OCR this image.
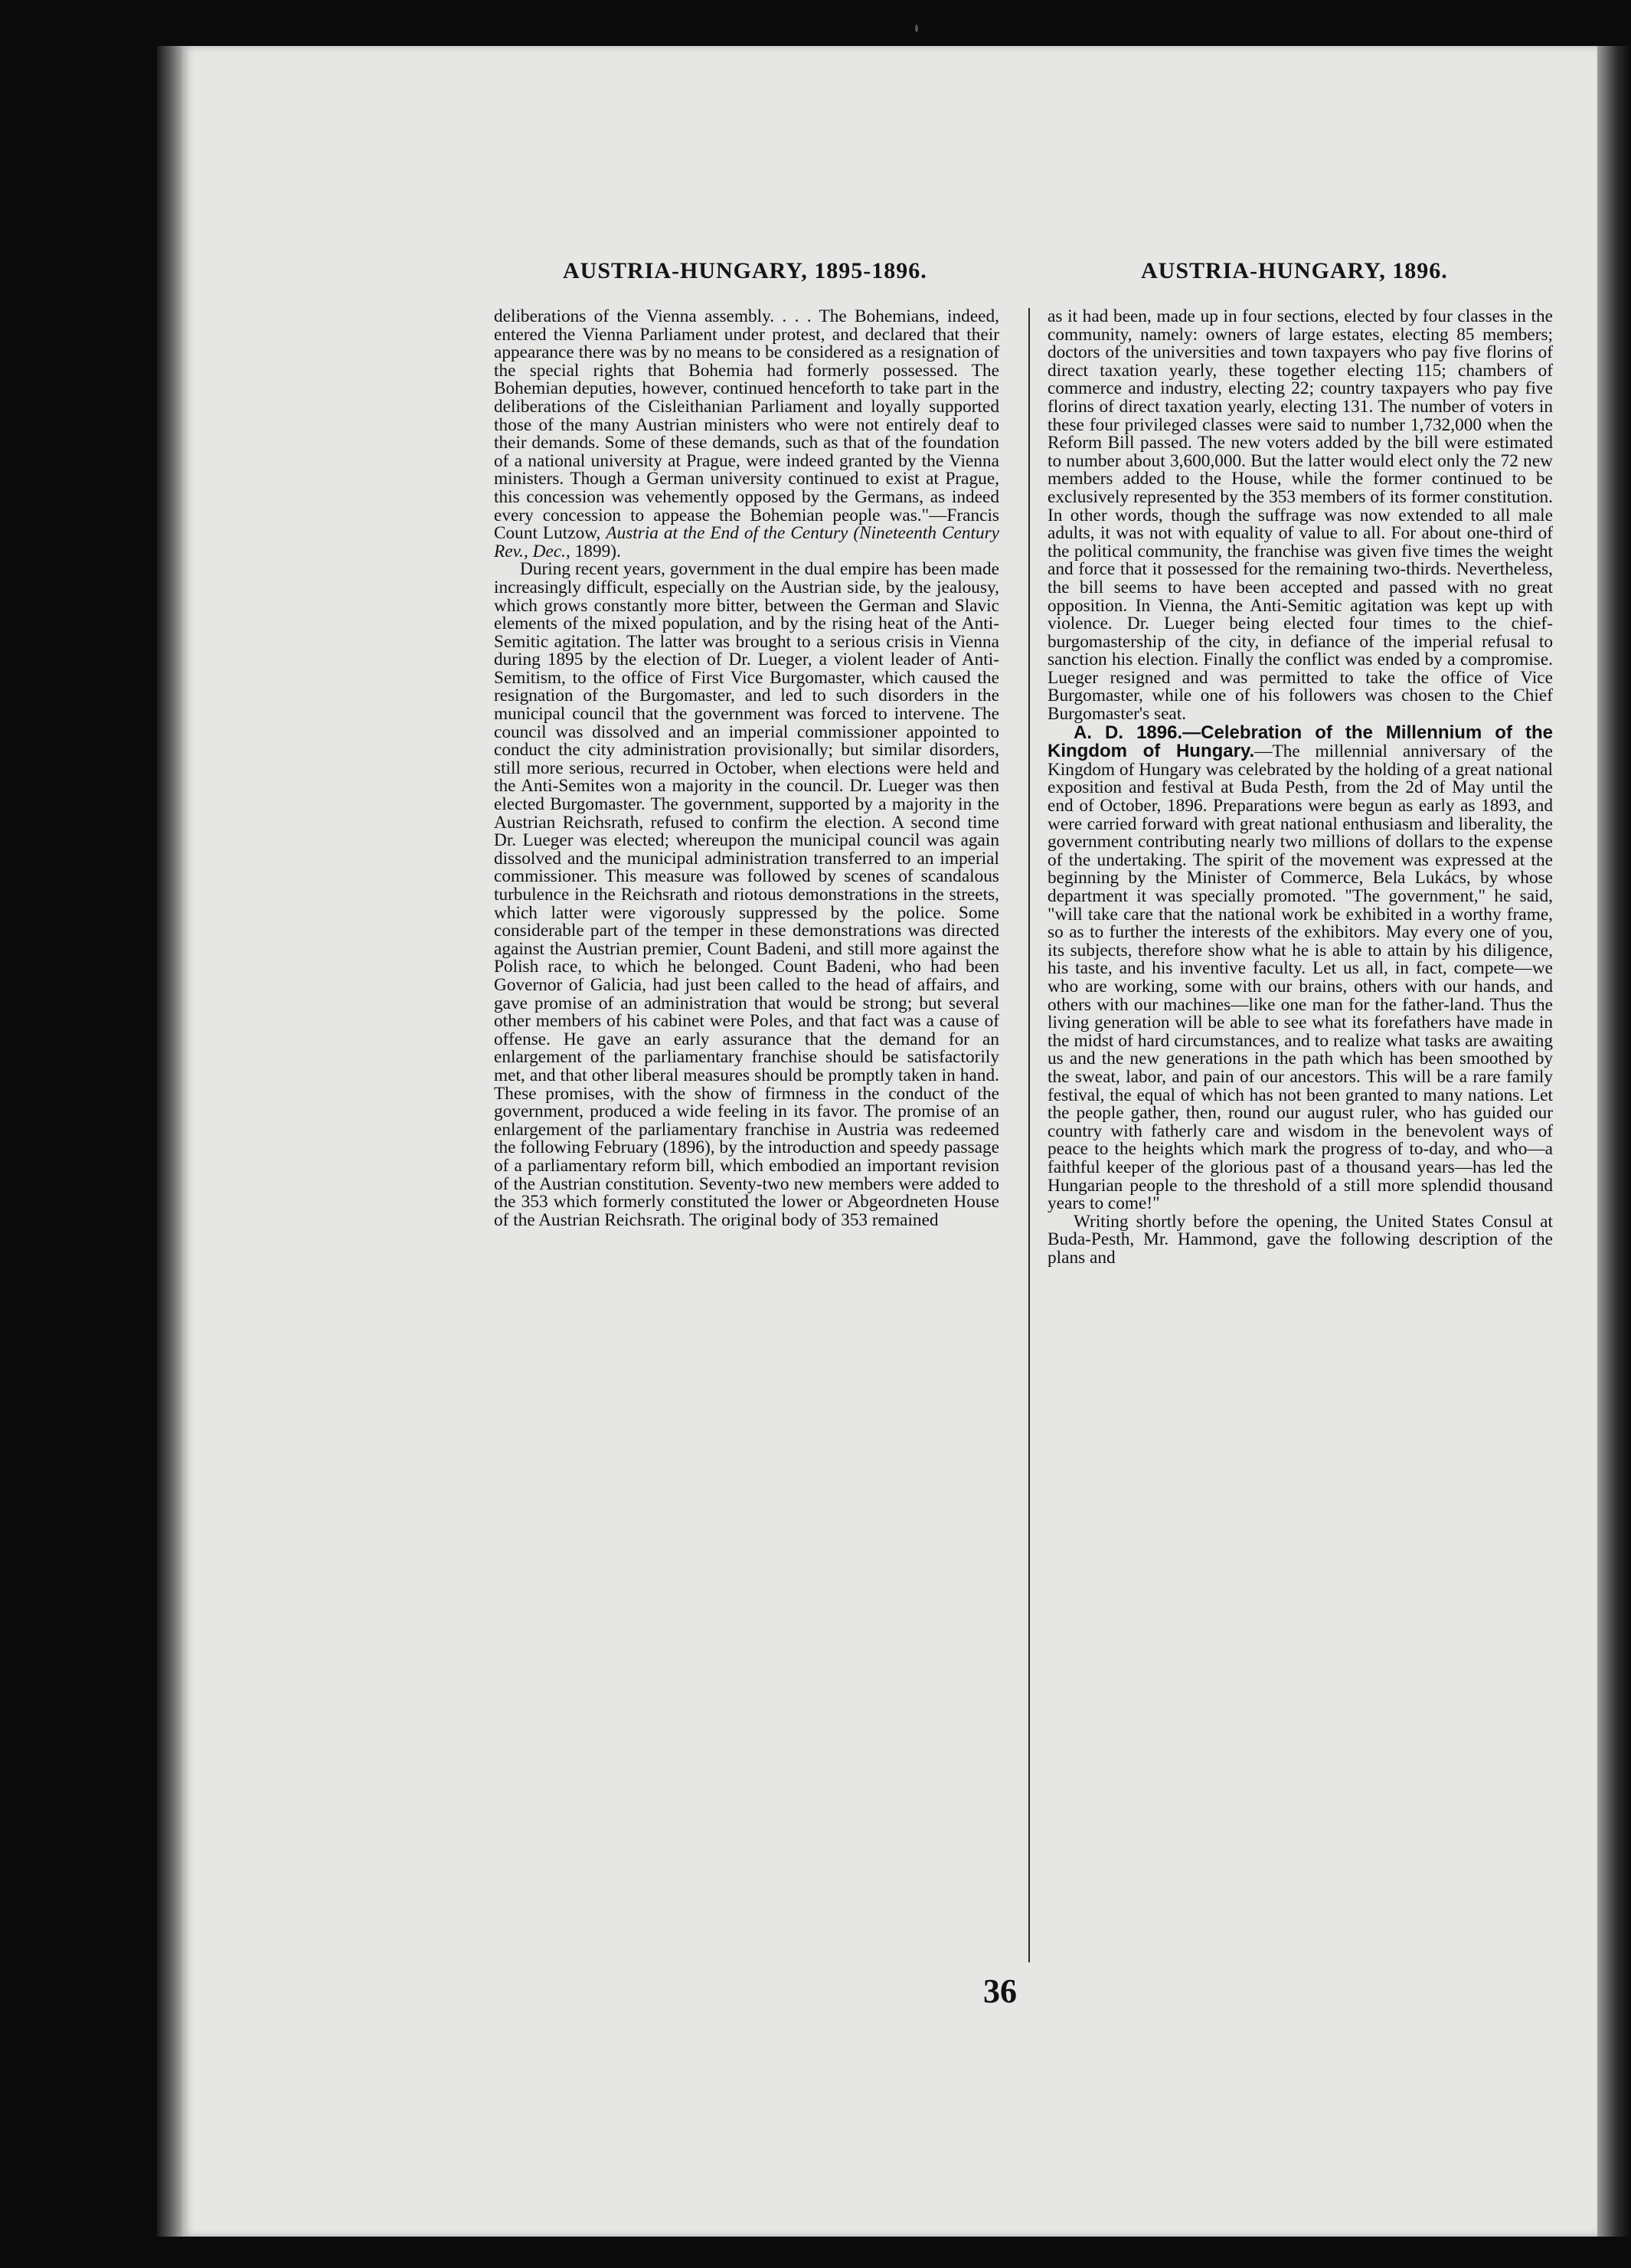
AUSTRIA-HUNGARY, 1895-1896.	AUSTRIA-HUNGARY, 1896.

deliberations of the Vienna assembly. . . . The Bohemians, indeed, entered the Vienna Parliament under protest, and declared that their appearance there was by no means to be considered as a resignation of the special rights that Bohemia had formerly possessed. The Bohemian deputies, however, continued henceforth to take part in the deliberations of the Cisleithanian Parliament and loyally supported those of the many Austrian ministers who were not entirely deaf to their demands. Some of these demands, such as that of the foundation of a national university at Prague, were indeed granted by the Vienna ministers. Though a German university continued to exist at Prague, this concession was vehemently opposed by the Germans, as indeed every concession to appease the Bohemian people was."—Francis Count Lutzow, Austria at the End of the Century (Nineteenth Century Rev., Dec., 1899).

During recent years, government in the dual empire has been made increasingly difficult, especially on the Austrian side, by the jealousy, which grows constantly more bitter, between the German and Slavic elements of the mixed population, and by the rising heat of the Anti-Semitic agitation. The latter was brought to a serious crisis in Vienna during 1895 by the election of Dr. Lueger, a violent leader of Anti-Semitism, to the office of First Vice Burgomaster, which caused the resignation of the Burgomaster, and led to such disorders in the municipal council that the government was forced to intervene. The council was dissolved and an imperial commissioner appointed to conduct the city administration provisionally; but similar disorders, still more serious, recurred in October, when elections were held and the Anti-Semites won a majority in the council. Dr. Lueger was then elected Burgomaster. The government, supported by a majority in the Austrian Reichsrath, refused to confirm the election. A second time Dr. Lueger was elected; whereupon the municipal council was again dissolved and the municipal administration transferred to an imperial commissioner. This measure was followed by scenes of scandalous turbulence in the Reichsrath and riotous demonstrations in the streets, which latter were vigorously suppressed by the police. Some considerable part of the temper in these demonstrations was directed against the Austrian premier, Count Badeni, and still more against the Polish race, to which he belonged. Count Badeni, who had been Governor of Galicia, had just been called to the head of affairs, and gave promise of an administration that would be strong; but several other members of his cabinet were Poles, and that fact was a cause of offense. He gave an early assurance that the demand for an enlargement of the parliamentary franchise should be satisfactorily met, and that other liberal measures should be promptly taken in hand. These promises, with the show of firmness in the conduct of the government, produced a wide feeling in its favor. The promise of an enlargement of the parliamentary franchise in Austria was redeemed the following February (1896), by the introduction and speedy passage of a parliamentary reform bill, which embodied an important revision of the Austrian constitution. Seventy-two new members were added to the 353 which formerly constituted the lower or Abgeordneten House of the Austrian Reichsrath. The original body of 353 remained

as it had been, made up in four sections, elected by four classes in the community, namely: owners of large estates, electing 85 members; doctors of the universities and town taxpayers who pay five florins of direct taxation yearly, these together electing 115; chambers of commerce and industry, electing 22; country taxpayers who pay five florins of direct taxation yearly, electing 131. The number of voters in these four privileged classes were said to number 1,732,000 when the Reform Bill passed. The new voters added by the bill were estimated to number about 3,600,000. But the latter would elect only the 72 new members added to the House, while the former continued to be exclusively represented by the 353 members of its former constitution. In other words, though the suffrage was now extended to all male adults, it was not with equality of value to all. For about one-third of the political community, the franchise was given five times the weight and force that it possessed for the remaining two-thirds. Nevertheless, the bill seems to have been accepted and passed with no great opposition. In Vienna, the Anti-Semitic agitation was kept up with violence. Dr. Lueger being elected four times to the chief-burgomastership of the city, in defiance of the imperial refusal to sanction his election. Finally the conflict was ended by a compromise. Lueger resigned and was permitted to take the office of Vice Burgomaster, while one of his followers was chosen to the Chief Burgomaster's seat.

A. D. 1896.—Celebration of the Millennium of the Kingdom of Hungary.—The millennial anniversary of the Kingdom of Hungary was celebrated by the holding of a great national exposition and festival at Buda Pesth, from the 2d of May until the end of October, 1896. Preparations were begun as early as 1893, and were carried forward with great national enthusiasm and liberality, the government contributing nearly two millions of dollars to the expense of the undertaking. The spirit of the movement was expressed at the beginning by the Minister of Commerce, Bela Lukács, by whose department it was specially promoted. "The government," he said, "will take care that the national work be exhibited in a worthy frame, so as to further the interests of the exhibitors. May every one of you, its subjects, therefore show what he is able to attain by his diligence, his taste, and his inventive faculty. Let us all, in fact, compete—we who are working, some with our brains, others with our hands, and others with our machines—like one man for the father-land. Thus the living generation will be able to see what its forefathers have made in the midst of hard circumstances, and to realize what tasks are awaiting us and the new generations in the path which has been smoothed by the sweat, labor, and pain of our ancestors. This will be a rare family festival, the equal of which has not been granted to many nations. Let the people gather, then, round our august ruler, who has guided our country with fatherly care and wisdom in the benevolent ways of peace to the heights which mark the progress of to-day, and who—a faithful keeper of the glorious past of a thousand years—has led the Hungarian people to the threshold of a still more splendid thousand years to come!"

Writing shortly before the opening, the United States Consul at Buda-Pesth, Mr. Hammond, gave the following description of the plans and

36
